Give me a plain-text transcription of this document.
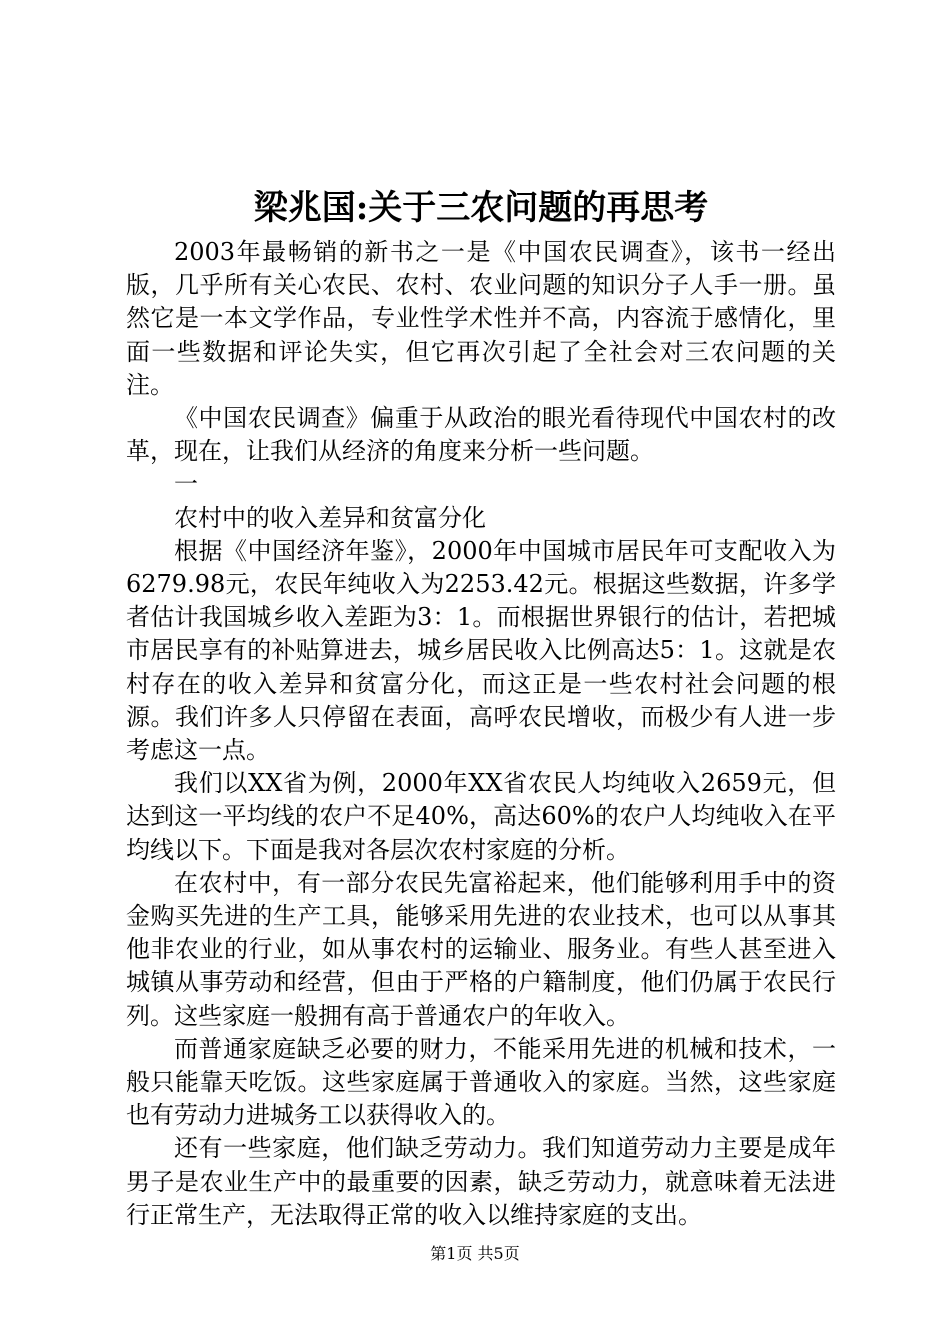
梁兆国:关于三农问题的再思考

2003年最畅销的新书之一是《中国农民调查》，该书一经出版，几乎所有关心农民、农村、农业问题的知识分子人手一册。虽然它是一本文学作品，专业性学术性并不高，内容流于感情化，里面一些数据和评论失实，但它再次引起了全社会对三农问题的关注。

《中国农民调查》偏重于从政治的眼光看待现代中国农村的改革，现在，让我们从经济的角度来分析一些问题。

一

农村中的收入差异和贫富分化

根据《中国经济年鉴》，2000年中国城市居民年可支配收入为6279.98元，农民年纯收入为2253.42元。根据这些数据，许多学者估计我国城乡收入差距为3：1。而根据世界银行的估计，若把城市居民享有的补贴算进去，城乡居民收入比例高达5：1。这就是农村存在的收入差异和贫富分化，而这正是一些农村社会问题的根源。我们许多人只停留在表面，高呼农民增收，而极少有人进一步考虑这一点。

我们以XX省为例，2000年XX省农民人均纯收入2659元，但达到这一平均线的农户不足40%，高达60%的农户人均纯收入在平均线以下。下面是我对各层次农村家庭的分析。

在农村中，有一部分农民先富裕起来，他们能够利用手中的资金购买先进的生产工具，能够采用先进的农业技术，也可以从事其他非农业的行业，如从事农村的运输业、服务业。有些人甚至进入城镇从事劳动和经营，但由于严格的户籍制度，他们仍属于农民行列。这些家庭一般拥有高于普通农户的年收入。

而普通家庭缺乏必要的财力，不能采用先进的机械和技术，一般只能靠天吃饭。这些家庭属于普通收入的家庭。当然，这些家庭也有劳动力进城务工以获得收入的。

还有一些家庭，他们缺乏劳动力。我们知道劳动力主要是成年男子是农业生产中的最重要的因素，缺乏劳动力，就意味着无法进行正常生产，无法取得正常的收入以维持家庭的支出。

第1页 共5页
